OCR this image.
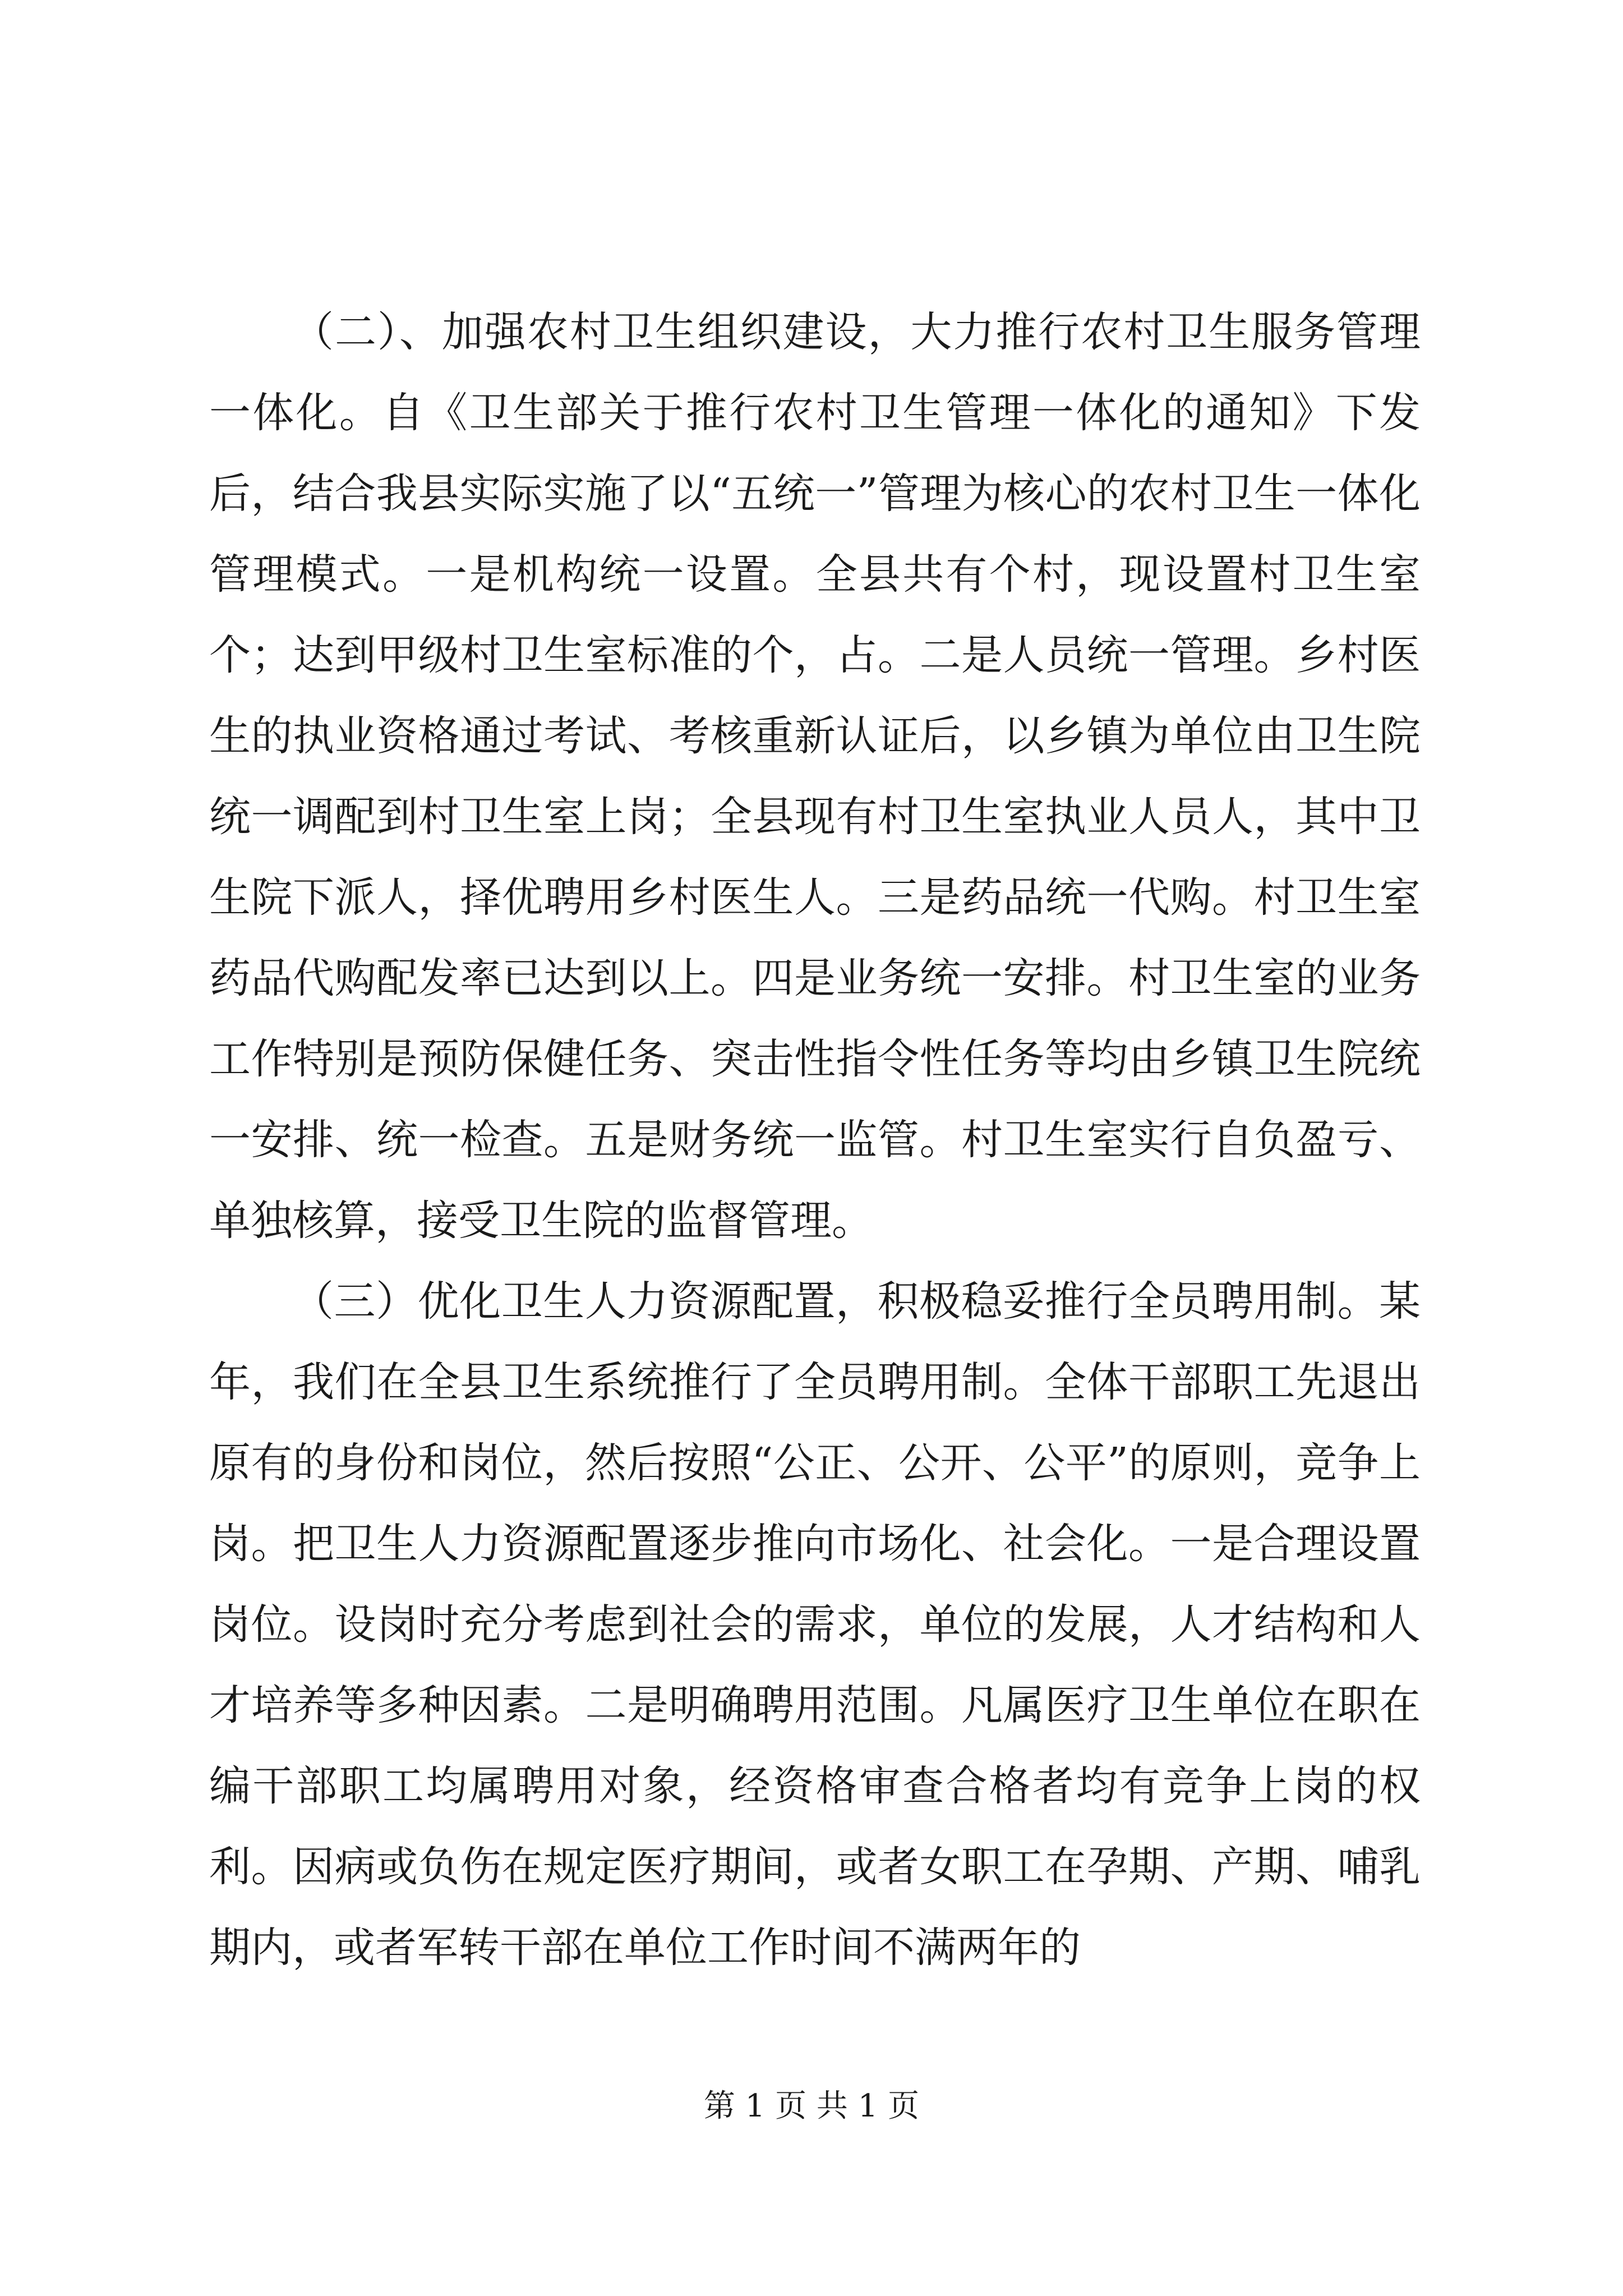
（二）、加强农村卫生组织建设，大力推行农村卫生服务管理一体化。自《卫生部关于推行农村卫生管理一体化的通知》下发后，结合我县实际实施了以“五统一”管理为核心的农村卫生一体化管理模式。一是机构统一设置。全县共有个村，现设置村卫生室个；达到甲级村卫生室标准的个，占。二是人员统一管理。乡村医生的执业资格通过考试、考核重新认证后，以乡镇为单位由卫生院统一调配到村卫生室上岗；全县现有村卫生室执业人员人，其中卫生院下派人，择优聘用乡村医生人。三是药品统一代购。村卫生室药品代购配发率已达到以上。四是业务统一安排。村卫生室的业务工作特别是预防保健任务、突击性指令性任务等均由乡镇卫生院统一安排、统一检查。五是财务统一监管。村卫生室实行自负盈亏、单独核算，接受卫生院的监督管理。

（三）优化卫生人力资源配置，积极稳妥推行全员聘用制。某年，我们在全县卫生系统推行了全员聘用制。全体干部职工先退出原有的身份和岗位，然后按照“公正、公开、公平”的原则，竞争上岗。把卫生人力资源配置逐步推向市场化、社会化。一是合理设置岗位。设岗时充分考虑到社会的需求，单位的发展，人才结构和人才培养等多种因素。二是明确聘用范围。凡属医疗卫生单位在职在编干部职工均属聘用对象，经资格审查合格者均有竞争上岗的权利。因病或负伤在规定医疗期间，或者女职工在孕期、产期、哺乳期内，或者军转干部在单位工作时间不满两年的

第 1 页 共 1 页
